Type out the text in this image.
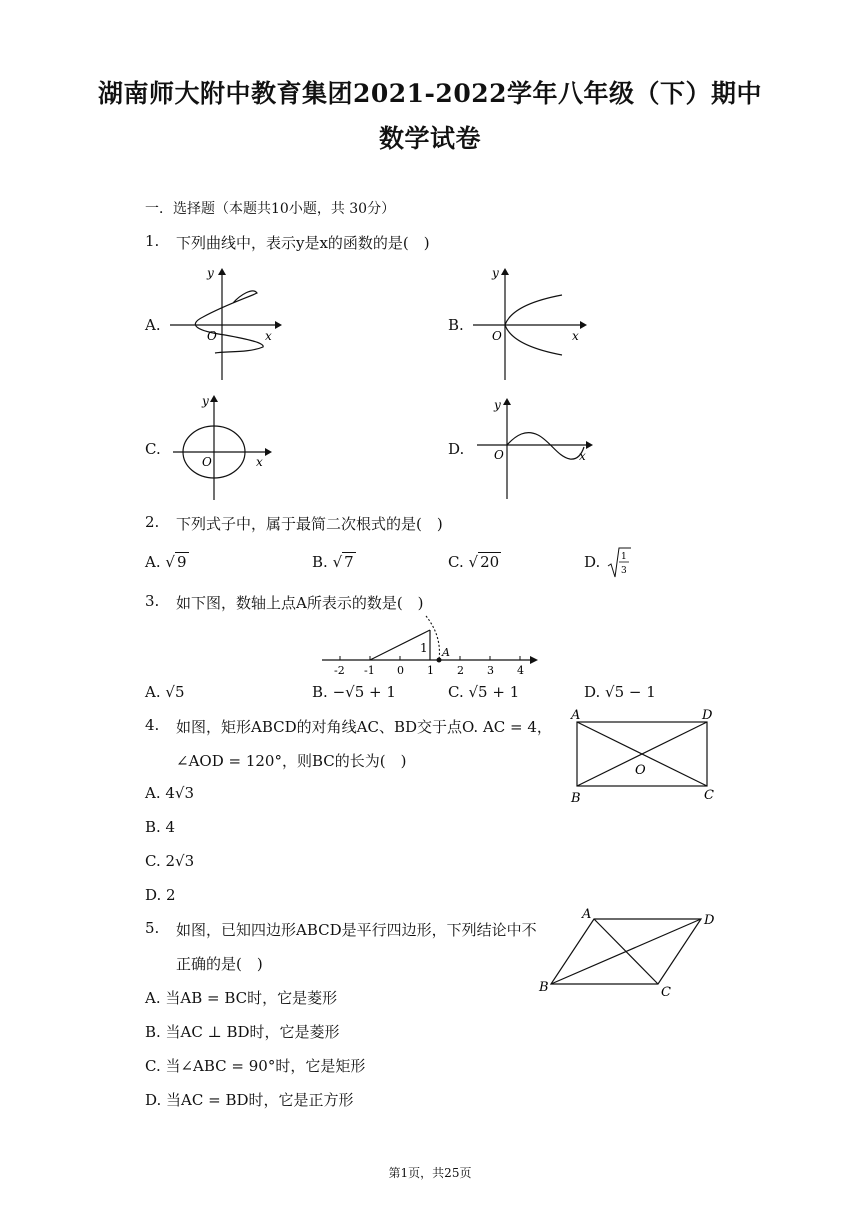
湖南师大附中教育集团2021-2022学年八年级（下）期中
数学试卷
一．选择题（本题共10小题，共 30分）
1. 下列曲线中，表示y是x的函数的是(　)
A.
y
O	x
B.
y
O	x
C.
y
O	x
D.
y
O	x
2. 下列式子中，属于最简二次根式的是(　)
A. √ 9	B. √ 7	C. √ 20	D. 1
3
3. 如下图，数轴上点A所表示的数是(　)
-2 -1 0 1 2 3 4
1 A
A. √5	B. −√5 + 1	C. √5 + 1	D. √5 − 1
4. 如图，矩形ABCD的对角线AC、BD交于点O. AC = 4，
∠AOD = 120°，则BC的长为(　)
A. 4√3
B. 4
C. 2√3
D. 2
A	D
B	C
O
5. 如图，已知四边形ABCD是平行四边形，下列结论中不
正确的是(　)
A. 当AB = BC时，它是菱形
B. 当AC ⊥ BD时，它是菱形
C. 当∠ABC = 90°时，它是矩形
D. 当AC = BD时，它是正方形
A	D
B	C
第1页，共25页
